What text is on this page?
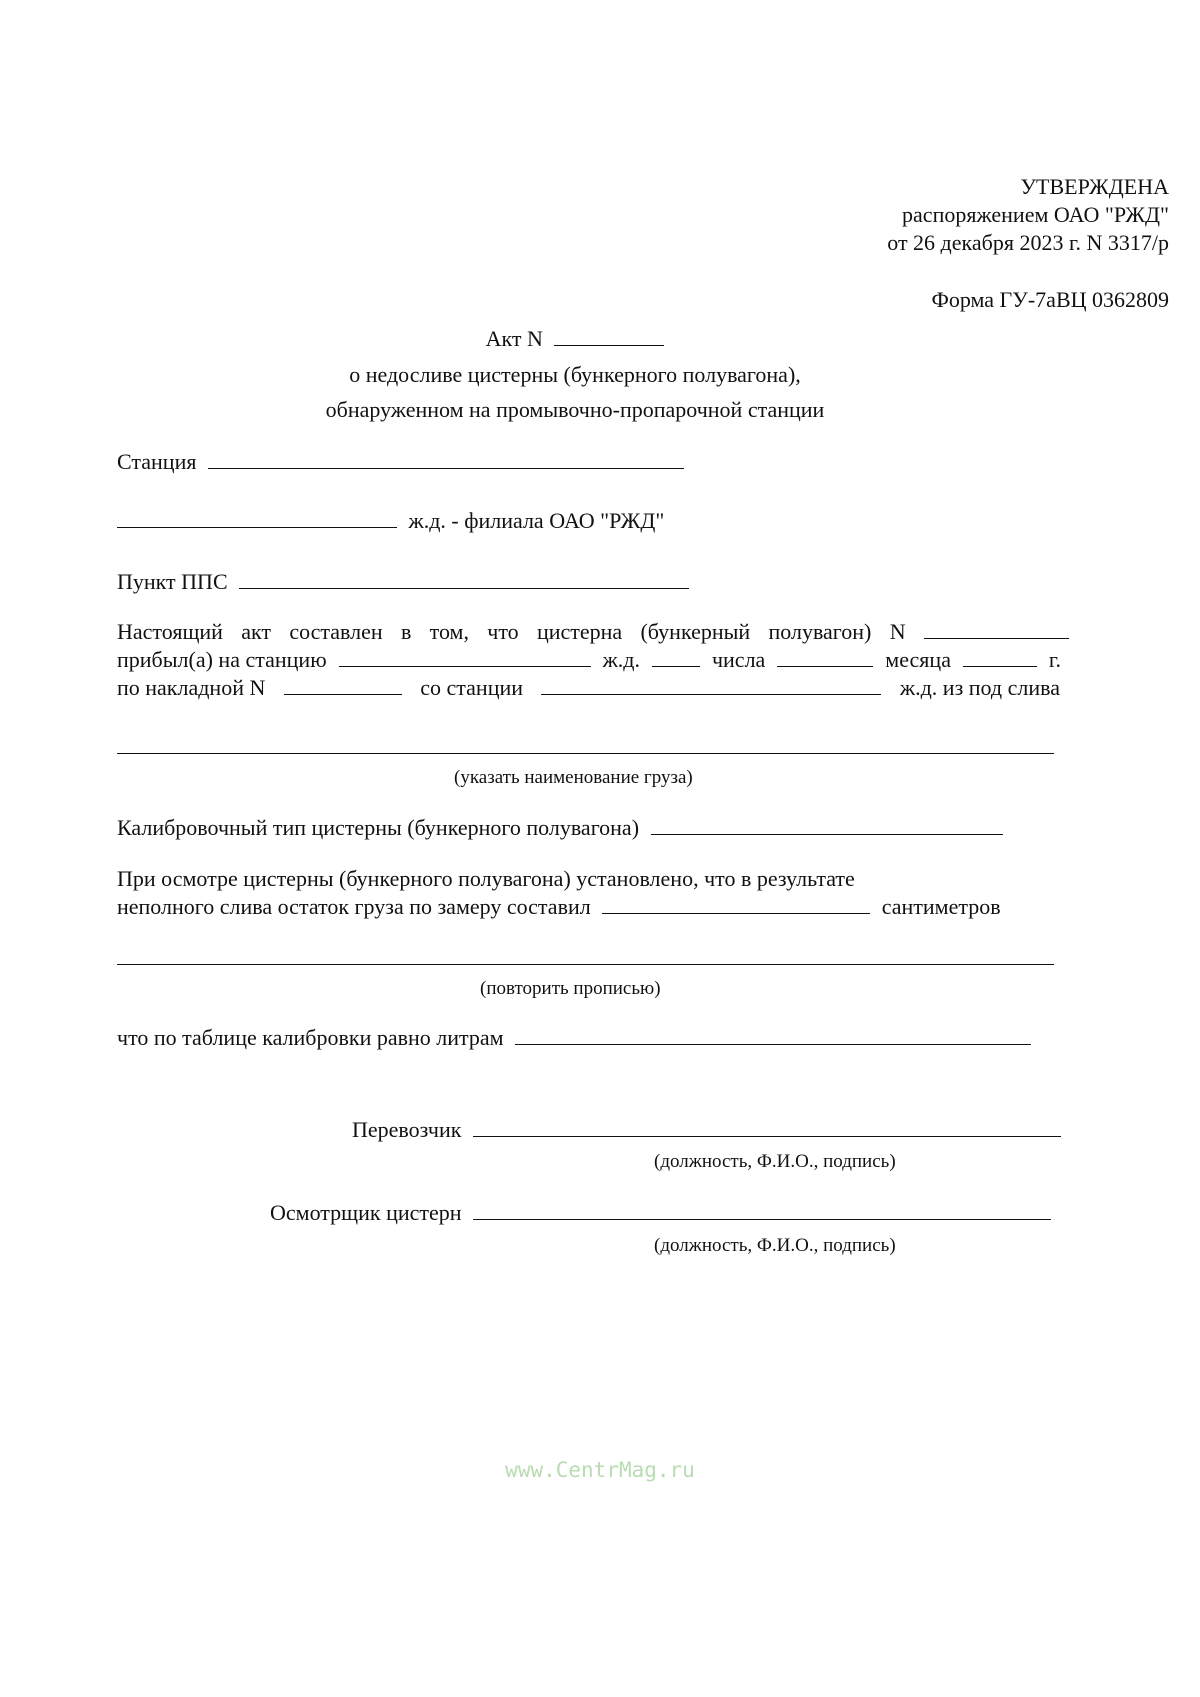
УТВЕРЖДЕНА
распоряжением ОАО "РЖД"
от 26 декабря 2023 г. N 3317/р
Форма ГУ-7аВЦ 0362809
Акт N
о недосливе цистерны (бункерного полувагона),
обнаруженном на промывочно-пропарочной станции
Станция
ж.д. - филиала ОАО "РЖД"
Пункт ППС
Настоящий акт составлен в том, что цистерна (бункерный полувагон) N
прибыл(а) на станцию	ж.д.	числа	месяца	г.
по накладной N	со станции	ж.д. из под слива
(указать наименование груза)
Калибровочный тип цистерны (бункерного полувагона)
При осмотре цистерны (бункерного полувагона) установлено, что в результате
неполного слива остаток груза по замеру составил	сантиметров
(повторить прописью)
что по таблице калибровки равно литрам
Перевозчик
(должность, Ф.И.О., подпись)
Осмотрщик цистерн
(должность, Ф.И.О., подпись)
www.CentrMag.ru
